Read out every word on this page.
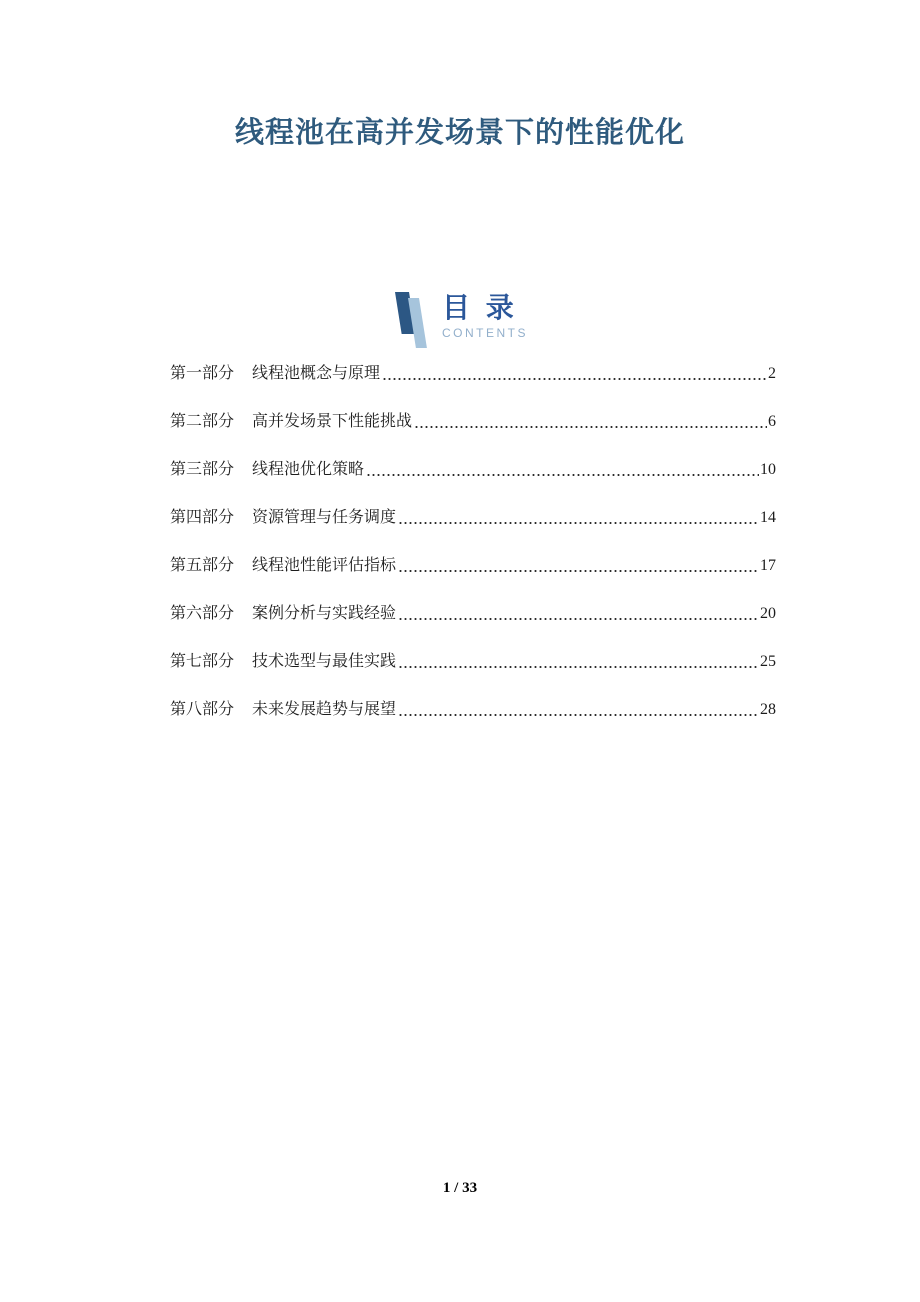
线程池在高并发场景下的性能优化
目 录
CONTENTS
第一部分 线程池概念与原理	2
第二部分 高并发场景下性能挑战	6
第三部分 线程池优化策略	10
第四部分 资源管理与任务调度	14
第五部分 线程池性能评估指标	17
第六部分 案例分析与实践经验	20
第七部分 技术选型与最佳实践	25
第八部分 未来发展趋势与展望	28
1 / 33
